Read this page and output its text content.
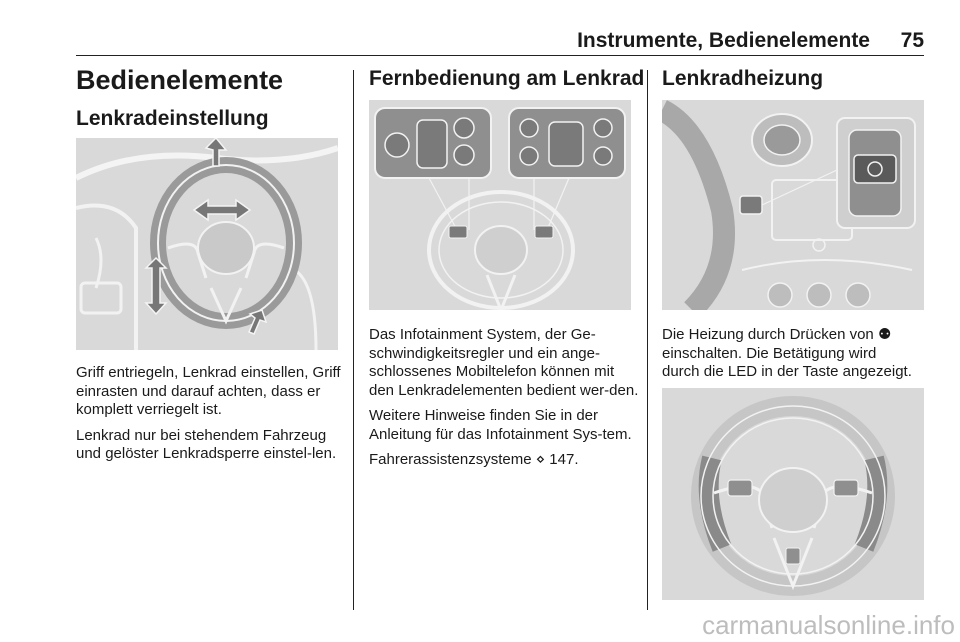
Instrumente, Bedienelemente	75
Bedienelemente
Lenkradeinstellung

Griff entriegeln, Lenkrad einstellen, Griff einrasten und darauf achten, dass er komplett verriegelt ist.

Lenkrad nur bei stehendem Fahrzeug und gelöster Lenkradsperre einstel-len.

Fernbedienung am Lenkrad

Das Infotainment System, der Ge-schwindigkeitsregler und ein ange-schlossenes Mobiltelefon können mit den Lenkradelementen bedient wer-den.

Weitere Hinweise finden Sie in der Anleitung für das Infotainment Sys-tem.

Fahrerassistenzsysteme ⋄ 147.

Lenkradheizung

Die Heizung durch Drücken von ⚉
einschalten. Die Betätigung wird
durch die LED in der Taste angezeigt.

carmanualsonline.info
